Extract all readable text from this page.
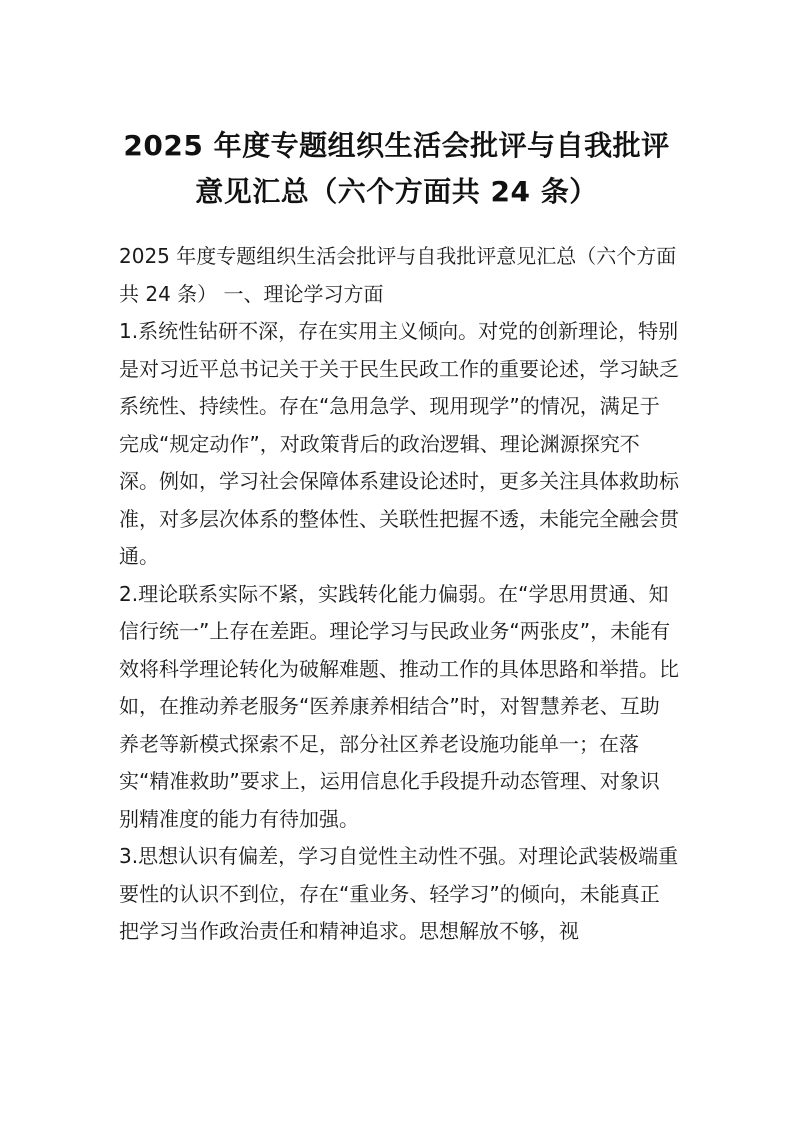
2025 年度专题组织生活会批评与自我批评
意见汇总（六个方面共 24 条）

2025 年度专题组织生活会批评与自我批评意见汇总（六个方面共 24 条） 一、理论学习方面

1.系统性钻研不深，存在实用主义倾向。对党的创新理论，特别是对习近平总书记关于关于民生民政工作的重要论述，学习缺乏系统性、持续性。存在“急用急学、现用现学”的情况，满足于完成“规定动作”，对政策背后的政治逻辑、理论渊源探究不深。例如，学习社会保障体系建设论述时，更多关注具体救助标准，对多层次体系的整体性、关联性把握不透，未能完全融会贯通。

2.理论联系实际不紧，实践转化能力偏弱。在“学思用贯通、知信行统一”上存在差距。理论学习与民政业务“两张皮”，未能有效将科学理论转化为破解难题、推动工作的具体思路和举措。比如，在推动养老服务“医养康养相结合”时，对智慧养老、互助养老等新模式探索不足，部分社区养老设施功能单一；在落实“精准救助”要求上，运用信息化手段提升动态管理、对象识别精准度的能力有待加强。

3.思想认识有偏差，学习自觉性主动性不强。对理论武装极端重要性的认识不到位，存在“重业务、轻学习”的倾向，未能真正把学习当作政治责任和精神追求。思想解放不够，视
